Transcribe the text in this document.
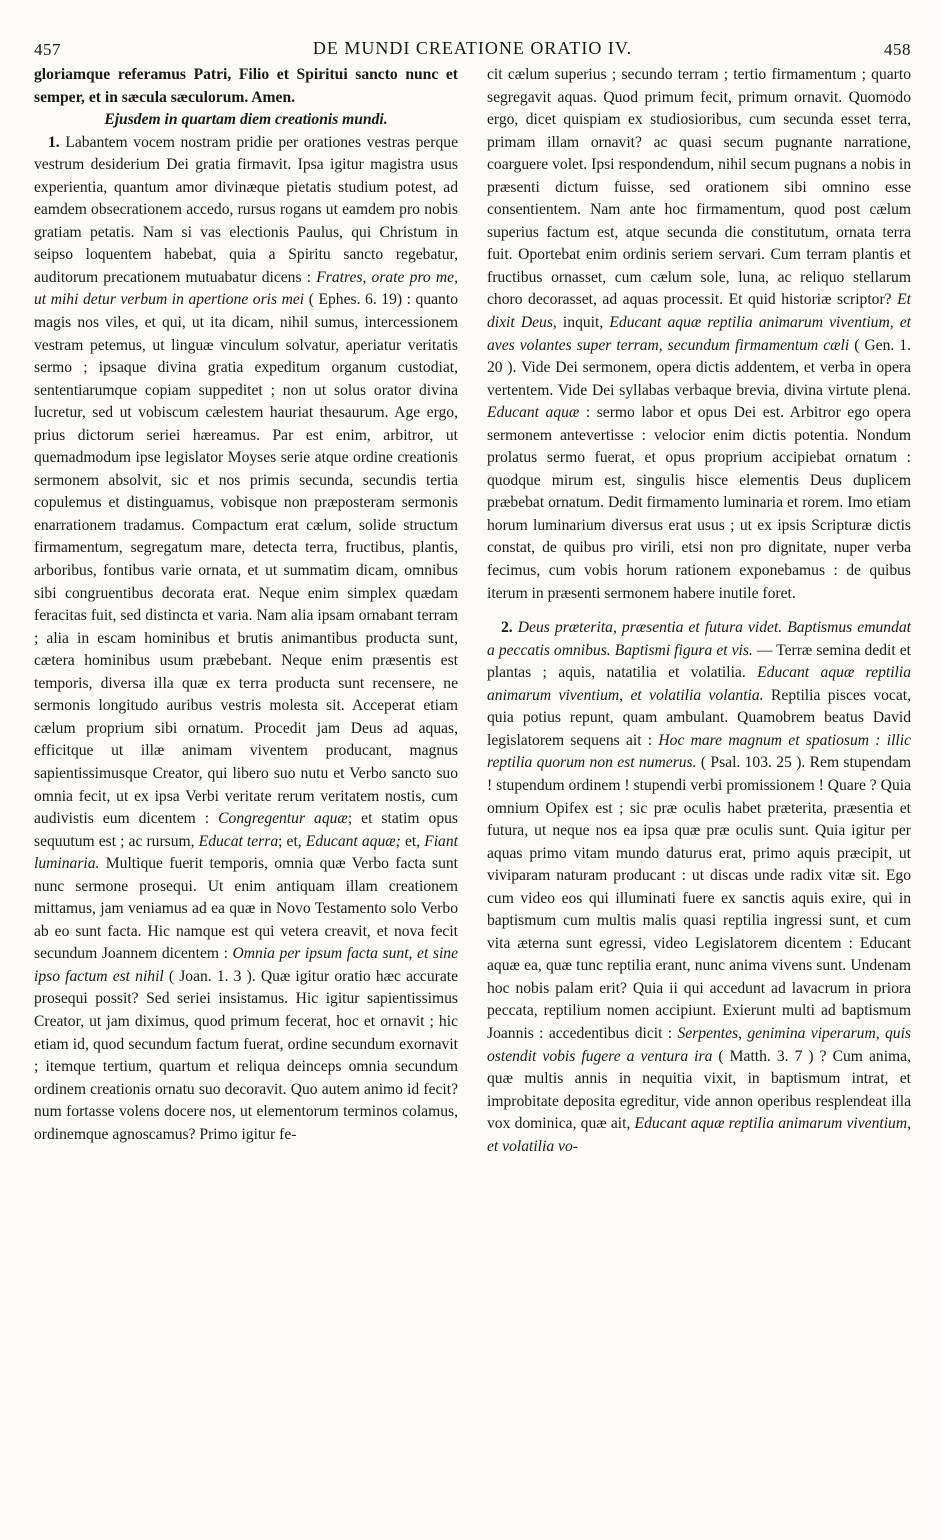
457	DE MUNDI CREATIONE ORATIO IV.	458

gloriamque referamus Patri, Filio et Spiritui sancto nunc et semper, et in sæcula sæculorum. Amen.

Ejusdem in quartam diem creationis mundi.

1. Labantem vocem nostram pridie per orationes vestras perque vestrum desiderium Dei gratia firmavit. Ipsa igitur magistra usus experientia, quantum amor divinæque pietatis studium potest, ad eamdem obsecrationem accedo, rursus rogans ut eamdem pro nobis gratiam petatis. Nam si vas electionis Paulus, qui Christum in seipso loquentem habebat, quia a Spiritu sancto regebatur, auditorum precationem mutuabatur dicens : Fratres, orate pro me, ut mihi detur verbum in apertione oris mei ( Ephes. 6. 19) : quanto magis nos viles, et qui, ut ita dicam, nihil sumus, intercessionem vestram petemus, ut linguæ vinculum solvatur, aperiatur veritatis sermo ; ipsaque divina gratia expeditum organum custodiat, sententiarumque copiam suppeditet ; non ut solus orator divina lucretur, sed ut vobiscum cælestem hauriat thesaurum. Age ergo, prius dictorum seriei hæreamus. Par est enim, arbitror, ut quemadmodum ipse legislator Moyses serie atque ordine creationis sermonem absolvit, sic et nos primis secunda, secundis tertia copulemus et distinguamus, vobisque non præposteram sermonis enarrationem tradamus. Compactum erat cælum, solide structum firmamentum, segregatum mare, detecta terra, fructibus, plantis, arboribus, fontibus varie ornata, et ut summatim dicam, omnibus sibi congruentibus decorata erat. Neque enim simplex quædam feracitas fuit, sed distincta et varia. Nam alia ipsam ornabant terram ; alia in escam hominibus et brutis animantibus producta sunt, cætera hominibus usum præbebant. Neque enim præsentis est temporis, diversa illa quæ ex terra producta sunt recensere, ne sermonis longitudo auribus vestris molesta sit. Acceperat etiam cælum proprium sibi ornatum. Procedit jam Deus ad aquas, efficitque ut illæ animam viventem producant, magnus sapientissimusque Creator, qui libero suo nutu et Verbo sancto suo omnia fecit, ut ex ipsa Verbi veritate rerum veritatem nostis, cum audivistis eum dicentem : Congregentur aquæ; et statim opus sequutum est ; ac rursum, Educat terra; et, Educant aquæ; et, Fiant luminaria. Multique fuerit temporis, omnia quæ Verbo facta sunt nunc sermone prosequi. Ut enim antiquam illam creationem mittamus, jam veniamus ad ea quæ in Novo Testamento solo Verbo ab eo sunt facta. Hic namque est qui vetera creavit, et nova fecit secundum Joannem dicentem : Omnia per ipsum facta sunt, et sine ipso factum est nihil ( Joan. 1. 3 ). Quæ igitur oratio hæc accurate prosequi possit? Sed seriei insistamus. Hic igitur sapientissimus Creator, ut jam diximus, quod primum fecerat, hoc et ornavit ; hic etiam id, quod secundum factum fuerat, ordine secundum exornavit ; itemque tertium, quartum et reliqua deinceps omnia secundum ordinem creationis ornatu suo decoravit. Quo autem animo id fecit? num fortasse volens docere nos, ut elementorum terminos colamus, ordinemque agnoscamus? Primo igitur fe-

cit cælum superius ; secundo terram ; tertio firmamentum ; quarto segregavit aquas. Quod primum fecit, primum ornavit. Quomodo ergo, dicet quispiam ex studiosioribus, cum secunda esset terra, primam illam ornavit? ac quasi secum pugnante narratione, coarguere volet. Ipsi respondendum, nihil secum pugnans a nobis in præsenti dictum fuisse, sed orationem sibi omnino esse consentientem. Nam ante hoc firmamentum, quod post cælum superius factum est, atque secunda die constitutum, ornata terra fuit. Oportebat enim ordinis seriem servari. Cum terram plantis et fructibus ornasset, cum cælum sole, luna, ac reliquo stellarum choro decorasset, ad aquas processit. Et quid historiæ scriptor? Et dixit Deus, inquit, Educant aquæ reptilia animarum viventium, et aves volantes super terram, secundum firmamentum cæli ( Gen. 1. 20 ). Vide Dei sermonem, opera dictis addentem, et verba in opera vertentem. Vide Dei syllabas verbaque brevia, divina virtute plena. Educant aquæ : sermo labor et opus Dei est. Arbitror ego opera sermonem antevertisse : velocior enim dictis potentia. Nondum prolatus sermo fuerat, et opus proprium accipiebat ornatum : quodque mirum est, singulis hisce elementis Deus duplicem præbebat ornatum. Dedit firmamento luminaria et rorem. Imo etiam horum luminarium diversus erat usus ; ut ex ipsis Scripturæ dictis constat, de quibus pro virili, etsi non pro dignitate, nuper verba fecimus, cum vobis horum rationem exponebamus : de quibus iterum in præsenti sermonem habere inutile foret.

2. Deus præterita, præsentia et futura videt. Baptismus emundat a peccatis omnibus. Baptismi figura et vis. — Terræ semina dedit et plantas ; aquis, natatilia et volatilia. Educant aquæ reptilia animarum viventium, et volatilia volantia. Reptilia pisces vocat, quia potius repunt, quam ambulant. Quamobrem beatus David legislatorem sequens ait : Hoc mare magnum et spatiosum : illic reptilia quorum non est numerus. ( Psal. 103. 25 ). Rem stupendam ! stupendum ordinem ! stupendi verbi promissionem ! Quare ? Quia omnium Opifex est ; sic præ oculis habet præterita, præsentia et futura, ut neque nos ea ipsa quæ præ oculis sunt. Quia igitur per aquas primo vitam mundo daturus erat, primo aquis præcipit, ut viviparam naturam producant : ut discas unde radix vitæ sit. Ego cum video eos qui illuminati fuere ex sanctis aquis exire, qui in baptismum cum multis malis quasi reptilia ingressi sunt, et cum vita æterna sunt egressi, video Legislatorem dicentem : Educant aquæ ea, quæ tunc reptilia erant, nunc anima vivens sunt. Undenam hoc nobis palam erit? Quia ii qui accedunt ad lavacrum in priora peccata, reptilium nomen accipiunt. Exierunt multi ad baptismum Joannis : accedentibus dicit : Serpentes, genimina viperarum, quis ostendit vobis fugere a ventura ira ( Matth. 3. 7 ) ? Cum anima, quæ multis annis in nequitia vixit, in baptismum intrat, et improbitate deposita egreditur, vide annon operibus resplendeat illa vox dominica, quæ ait, Educant aquæ reptilia animarum viventium, et volatilia vo-
